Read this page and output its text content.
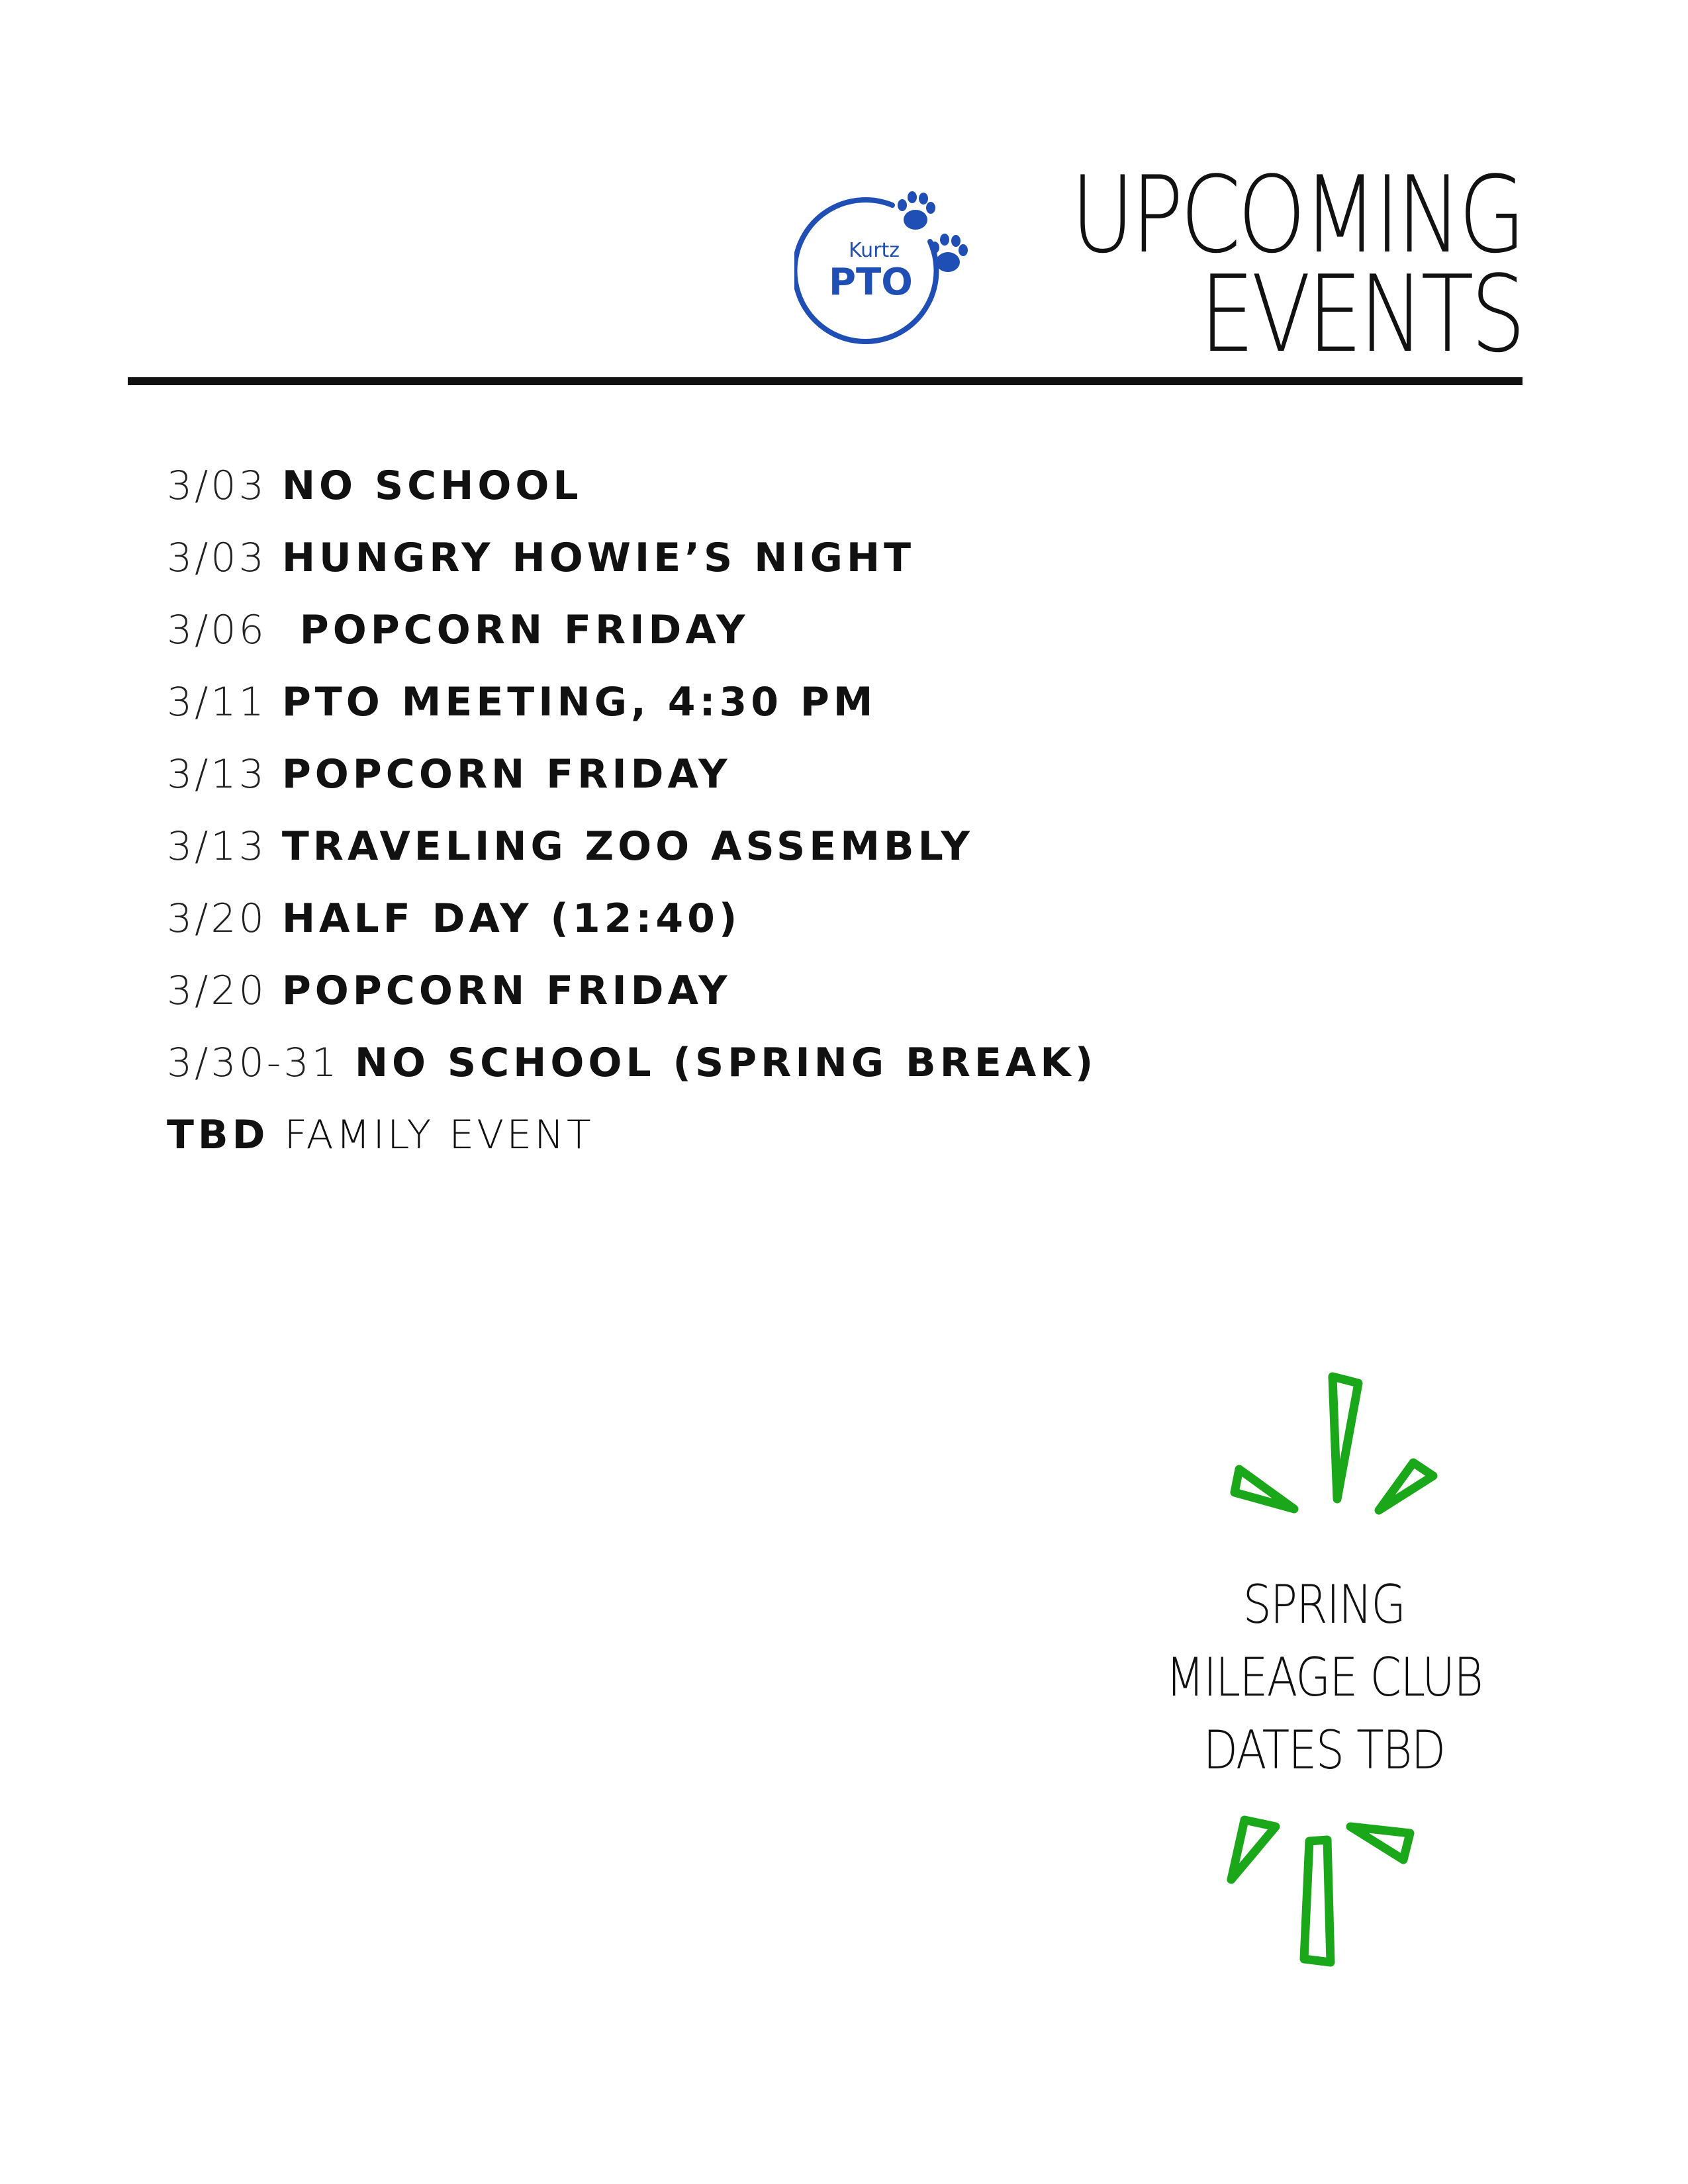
Kurtz
PTO
UPCOMING
EVENTS
3/03 NO SCHOOL
3/03 HUNGRY HOWIE’S NIGHT
3/06  POPCORN FRIDAY
3/11 PTO MEETING, 4:30 PM
3/13 POPCORN FRIDAY
3/13 TRAVELING ZOO ASSEMBLY
3/20 HALF DAY (12:40)
3/20 POPCORN FRIDAY
3/30-31 NO SCHOOL (SPRING BREAK)
TBD FAMILY EVENT
SPRING
MILEAGE CLUB
DATES TBD
